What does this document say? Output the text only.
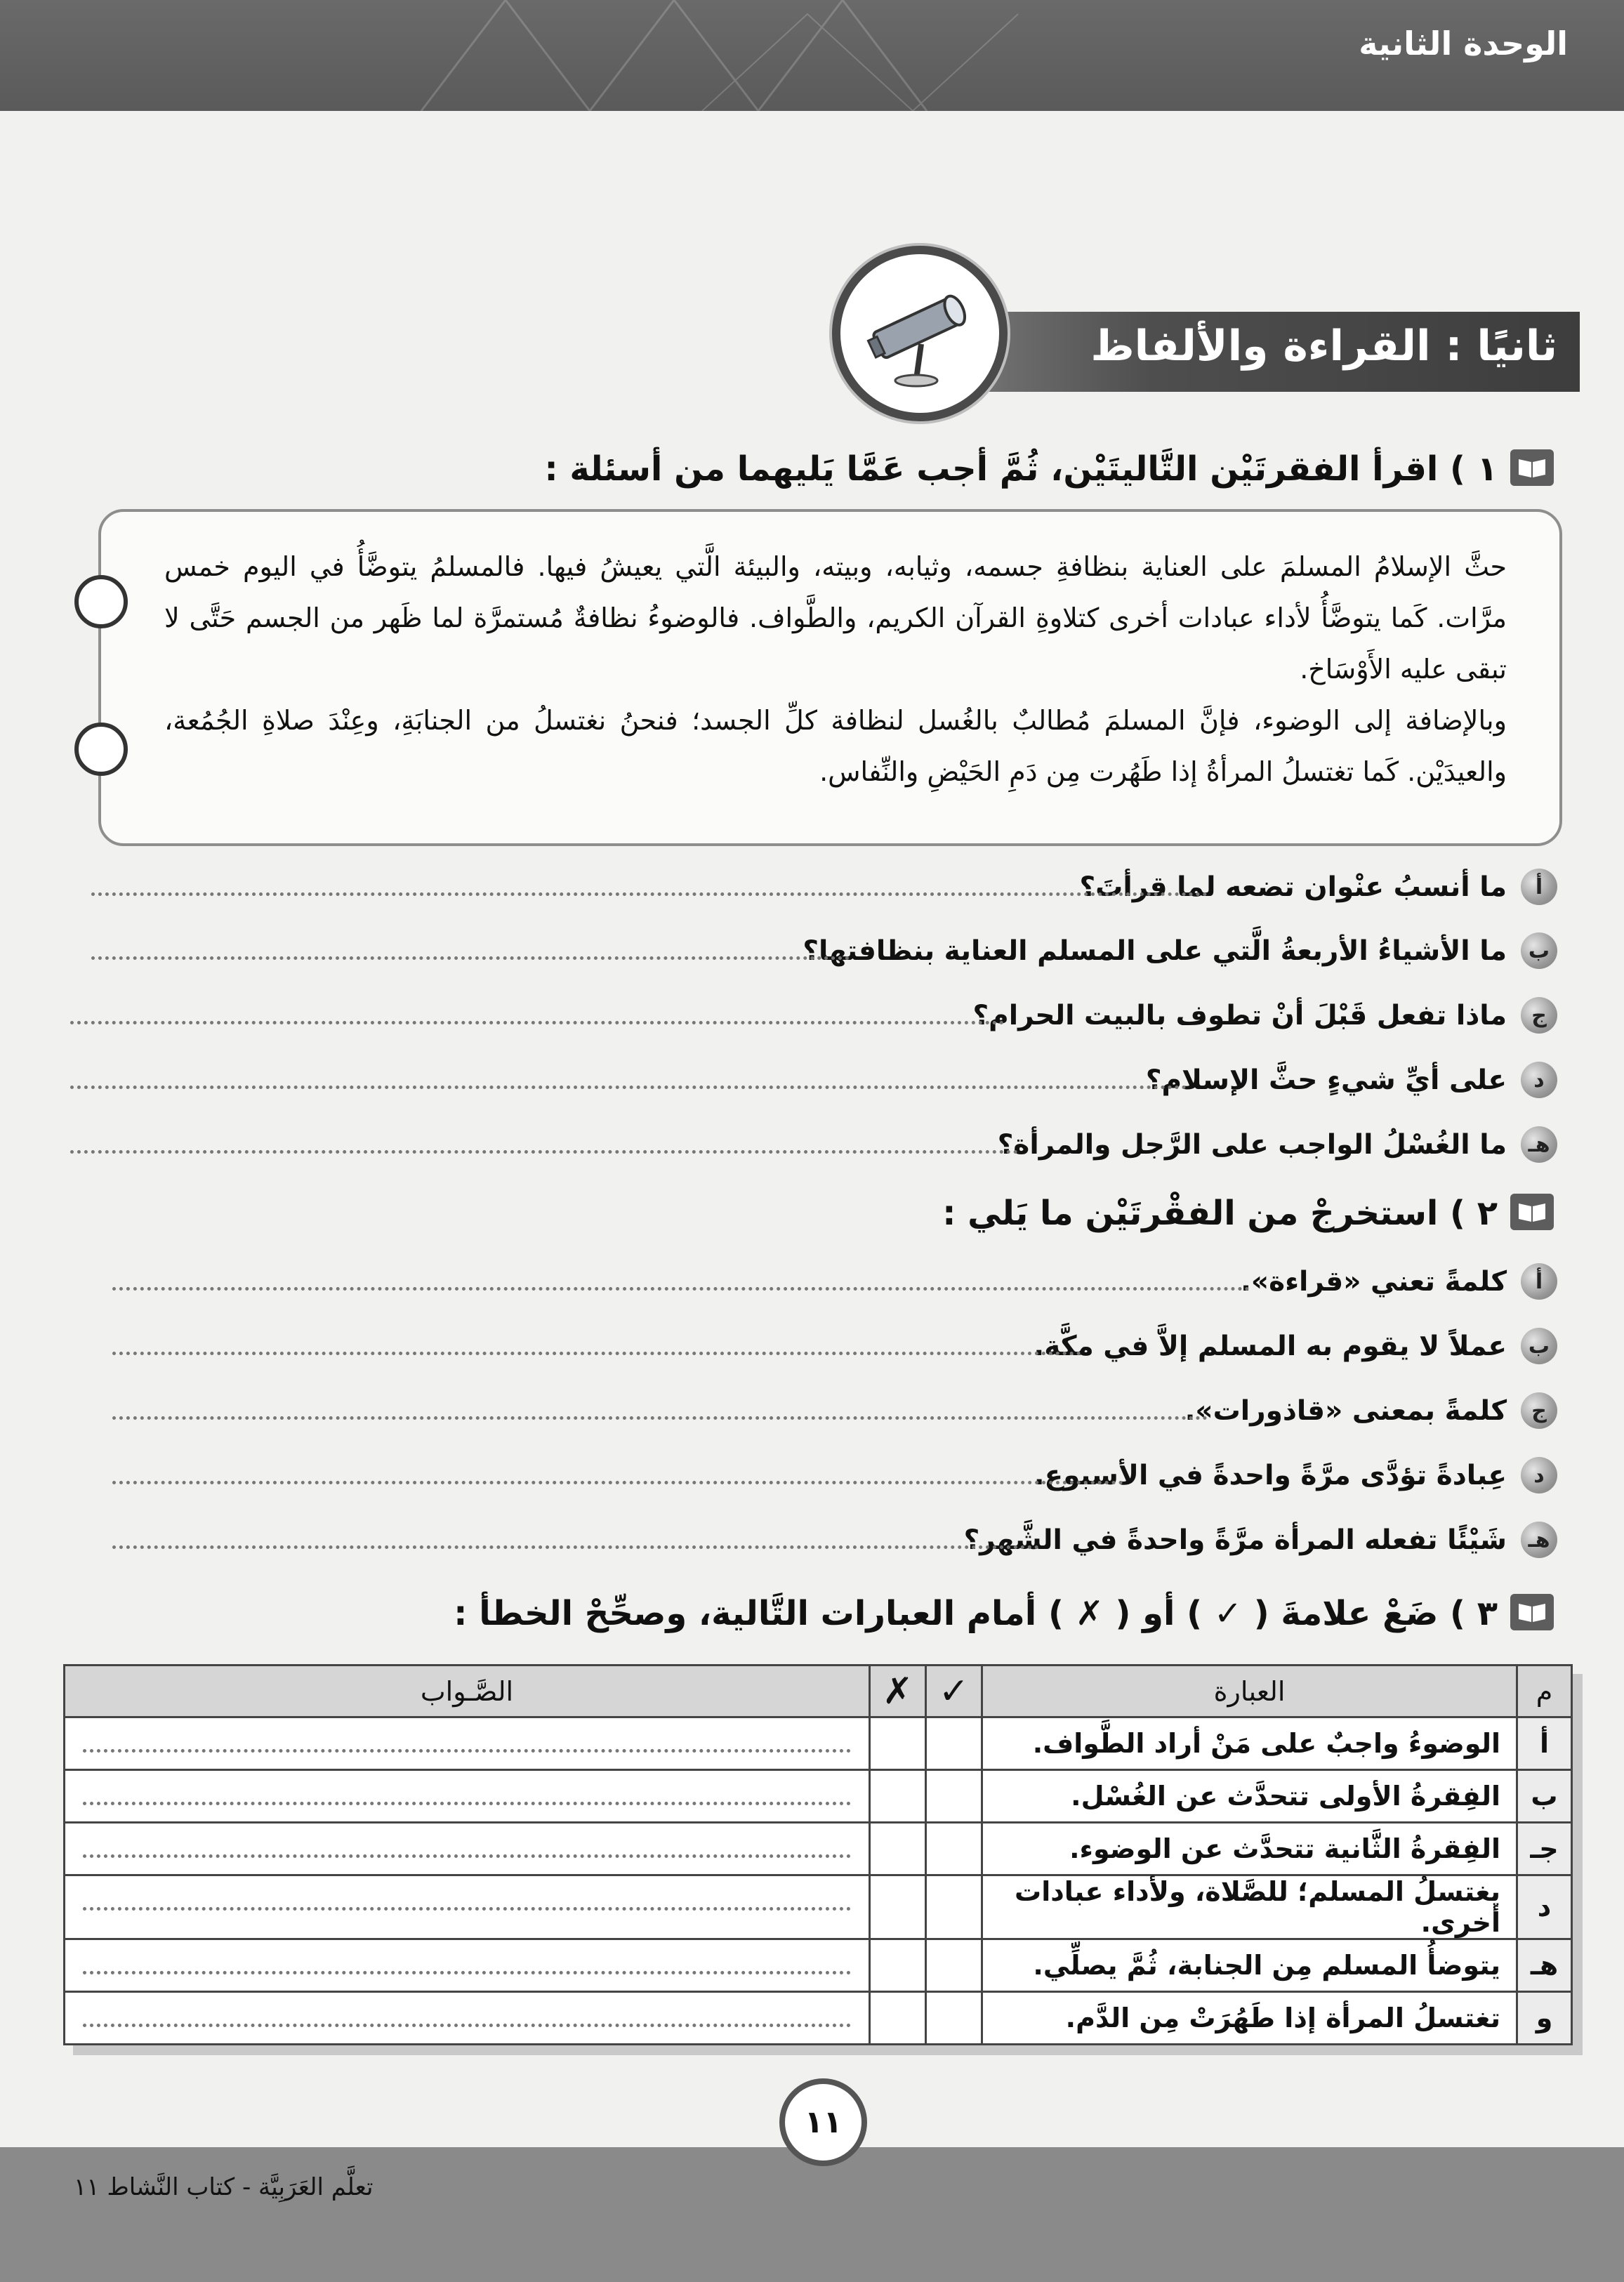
الوحدة الثانية
ثانيًا : القراءة والألفاظ
١ ) اقرأ الفقرتَيْن التَّاليتَيْن، ثُمَّ أجب عَمَّا يَليهما من أسئلة :

حثَّ الإسلامُ المسلمَ على العناية بنظافةِ جسمه، وثيابه، وبيته، والبيئة الَّتي يعيشُ فيها. فالمسلمُ يتوضَّأُ في اليوم خمس مرَّات. كَما يتوضَّأُ لأداء عبادات أخرى كتلاوةِ القرآن الكريم، والطَّواف. فالوضوءُ نظافةٌ مُستمرَّة لما ظَهر من الجسم حَتَّى لا تبقى عليه الأَوْسَاخ.

وبالإضافة إلى الوضوء، فإنَّ المسلمَ مُطالبٌ بالغُسل لنظافة كلِّ الجسد؛ فنحنُ نغتسلُ من الجنابَةِ، وعِنْدَ صلاةِ الجُمُعة، والعيدَيْن. كَما تغتسلُ المرأةُ إذا طَهُرت مِن دَمِ الحَيْضِ والنِّفاس.

أ
ما أنسبُ عنْوان تضعه لما قرأتَ؟
ب
ما الأشياءُ الأربعةُ الَّتي على المسلم العناية بنظافتها؟
ج
ماذا تفعل قَبْلَ أنْ تطوف بالبيت الحرام؟
د
على أيِّ شيءٍ حثَّ الإسلام؟
هـ
ما الغُسْلُ الواجب على الرَّجل والمرأة؟
٢ ) استخرجْ من الفقْرتَيْن ما يَلي :
أ
كلمةً تعني «قراءة».
ب
عملاً لا يقوم به المسلم إلاَّ في مكَّة.
ج
كلمةً بمعنى «قاذورات».
د
عِبادةً تؤدَّى مرَّةً واحدةً في الأسبوع.
هـ
شَيْئًا تفعله المرأة مرَّةً واحدةً في الشَّهر؟
٣ ) ضَعْ علامةَ ( ✓ ) أو ( ✗ ) أمام العبارات التَّالية، وصحِّحْ الخطأ :
م	العبارة	✓	✗	الصَّـواب
أ	الوضوءُ واجبٌ على مَنْ أراد الطَّواف.			

ب	الفِقرةُ الأولى تتحدَّث عن الغُسْل.			

جـ	الفِقرةُ الثَّانية تتحدَّث عن الوضوء.			

د	يغتسلُ المسلم؛ للصَّلاة، ولأداء عبادات أخرى.			

هـ	يتوضأُ المسلم مِن الجنابة، ثُمَّ يصلِّي.			

و	تغتسلُ المرأة إذا طَهُرَتْ مِن الدَّم.			
١١
تعلَّم العَرَبِيَّة - كتاب النَّشاط ١١
